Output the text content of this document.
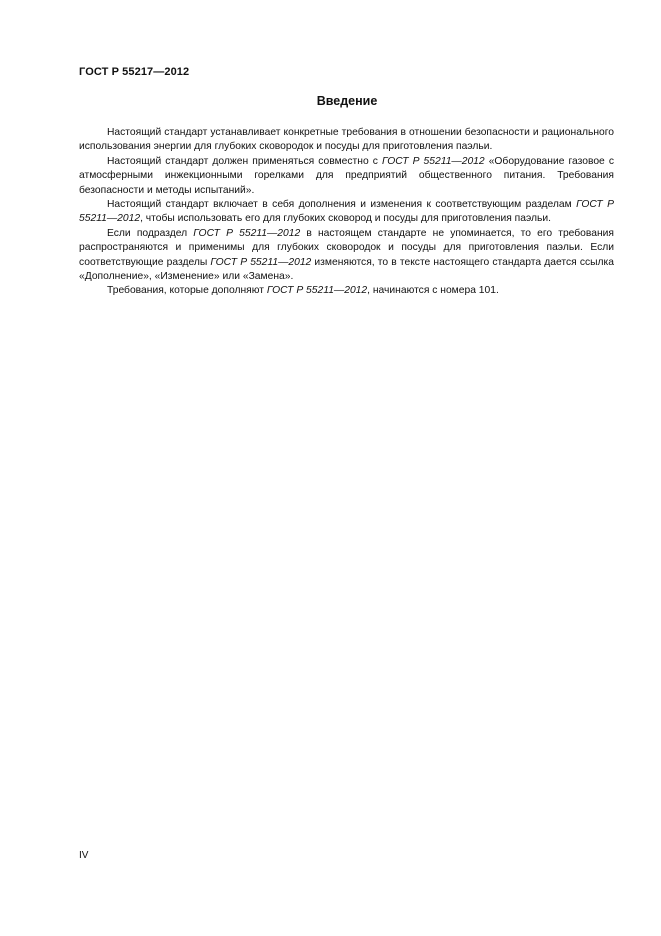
ГОСТ Р 55217—2012
Введение

Настоящий стандарт устанавливает конкретные требования в отношении безопасности и рационального использования энергии для глубоких сковородок и посуды для приготовления паэльи.

Настоящий стандарт должен применяться совместно с ГОСТ Р 55211—2012 «Оборудование газовое с атмосферными инжекционными горелками для предприятий общественного питания. Требования безопасности и методы испытаний».

Настоящий стандарт включает в себя дополнения и изменения к соответствующим разделам ГОСТ Р 55211—2012, чтобы использовать его для глубоких сковород и посуды для приготовления паэльи.

Если подраздел ГОСТ Р 55211—2012 в настоящем стандарте не упоминается, то его требования распространяются и применимы для глубоких сковородок и посуды для приготовления паэльи. Если соответствующие разделы ГОСТ Р 55211—2012 изменяются, то в тексте настоящего стандарта дается ссылка «Дополнение», «Изменение» или «Замена».

Требования, которые дополняют ГОСТ Р 55211—2012, начинаются с номера 101.

IV
